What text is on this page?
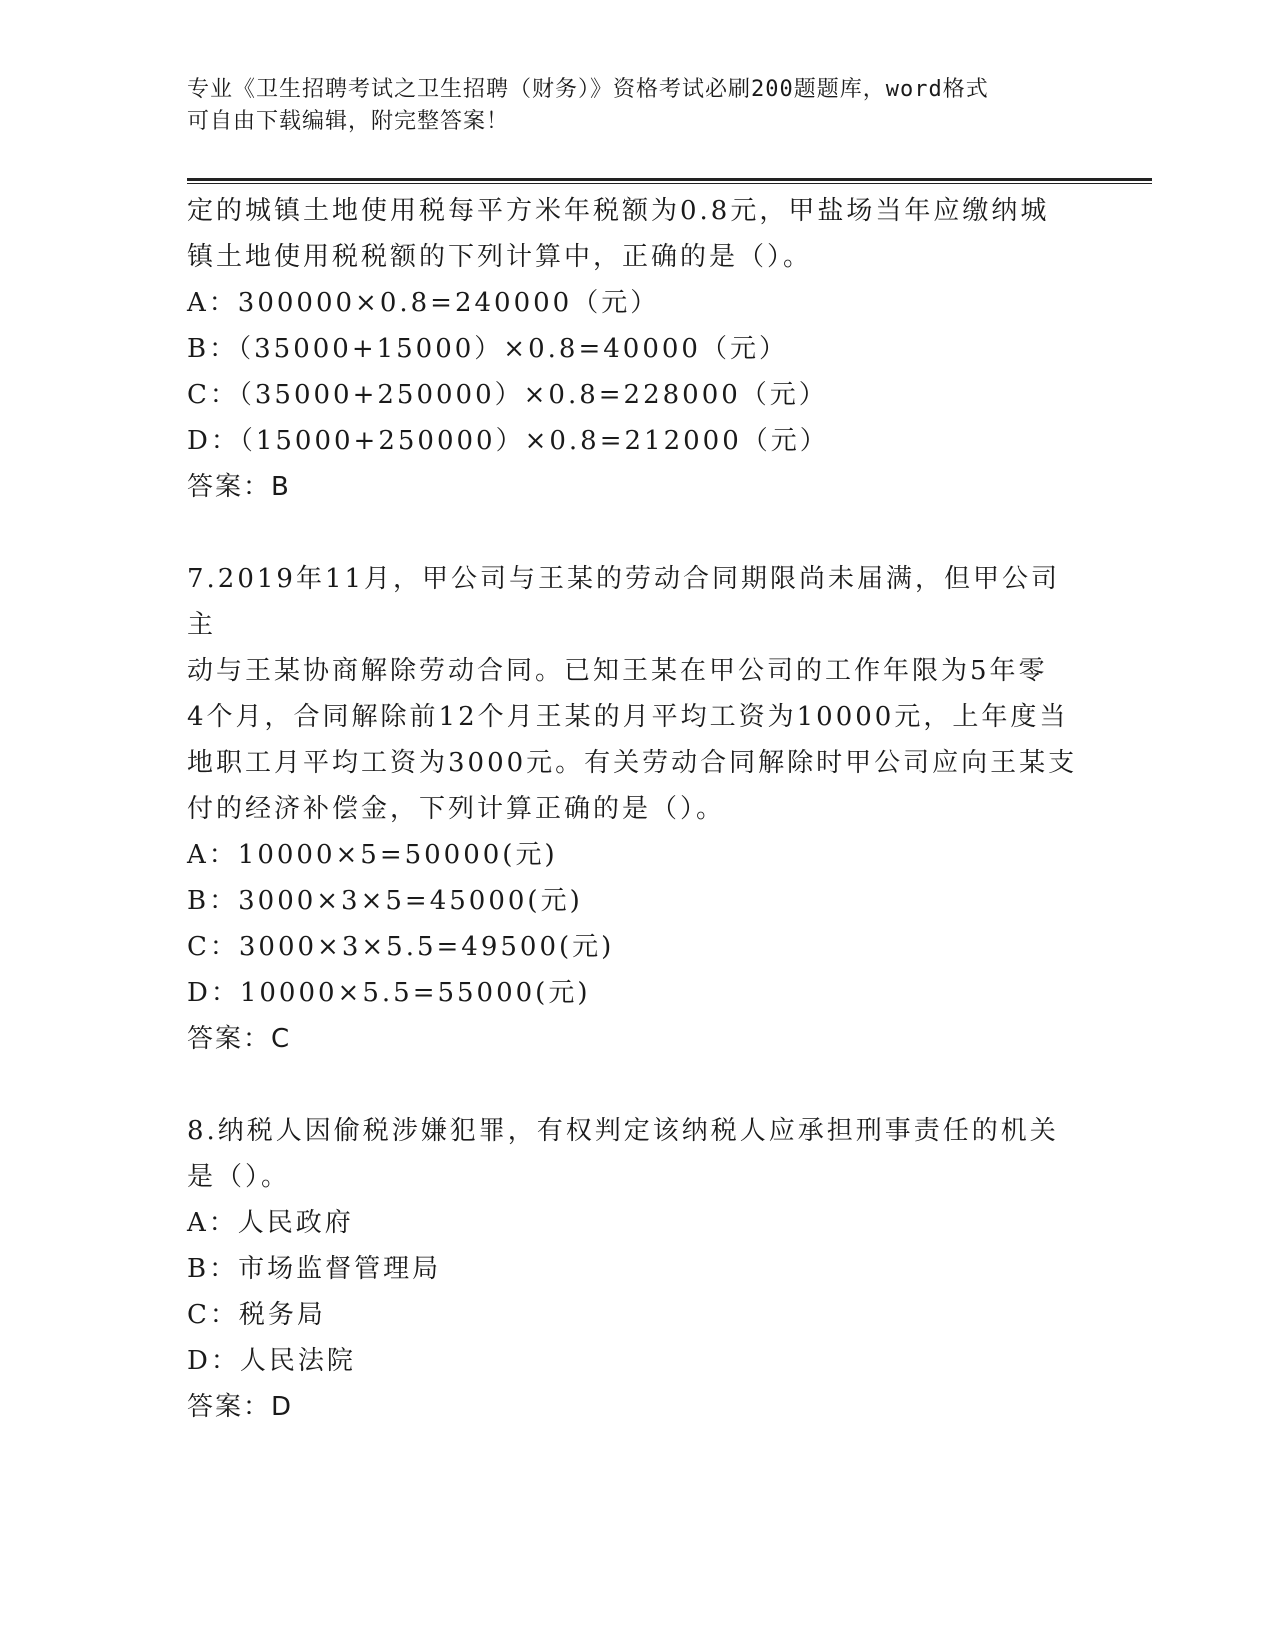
专业《卫生招聘考试之卫生招聘（财务）》资格考试必刷200题题库，word格式
可自由下载编辑，附完整答案！

定的城镇土地使用税每平方米年税额为0.8元，甲盐场当年应缴纳城

镇土地使用税税额的下列计算中，正确的是（）。

A：300000×0.8=240000（元）

B：（35000+15000）×0.8=40000（元）

C：（35000+250000）×0.8=228000（元）

D：（15000+250000）×0.8=212000（元）

答案：B

7.2019年11月，甲公司与王某的劳动合同期限尚未届满，但甲公司主

动与王某协商解除劳动合同。已知王某在甲公司的工作年限为5年零

4个月，合同解除前12个月王某的月平均工资为10000元，上年度当

地职工月平均工资为3000元。有关劳动合同解除时甲公司应向王某支

付的经济补偿金，下列计算正确的是（）。

A：10000×5=50000(元)

B：3000×3×5=45000(元)

C：3000×3×5.5=49500(元)

D：10000×5.5=55000(元)

答案：C

8.纳税人因偷税涉嫌犯罪，有权判定该纳税人应承担刑事责任的机关

是（）。

A：人民政府

B：市场监督管理局

C：税务局

D：人民法院

答案：D
